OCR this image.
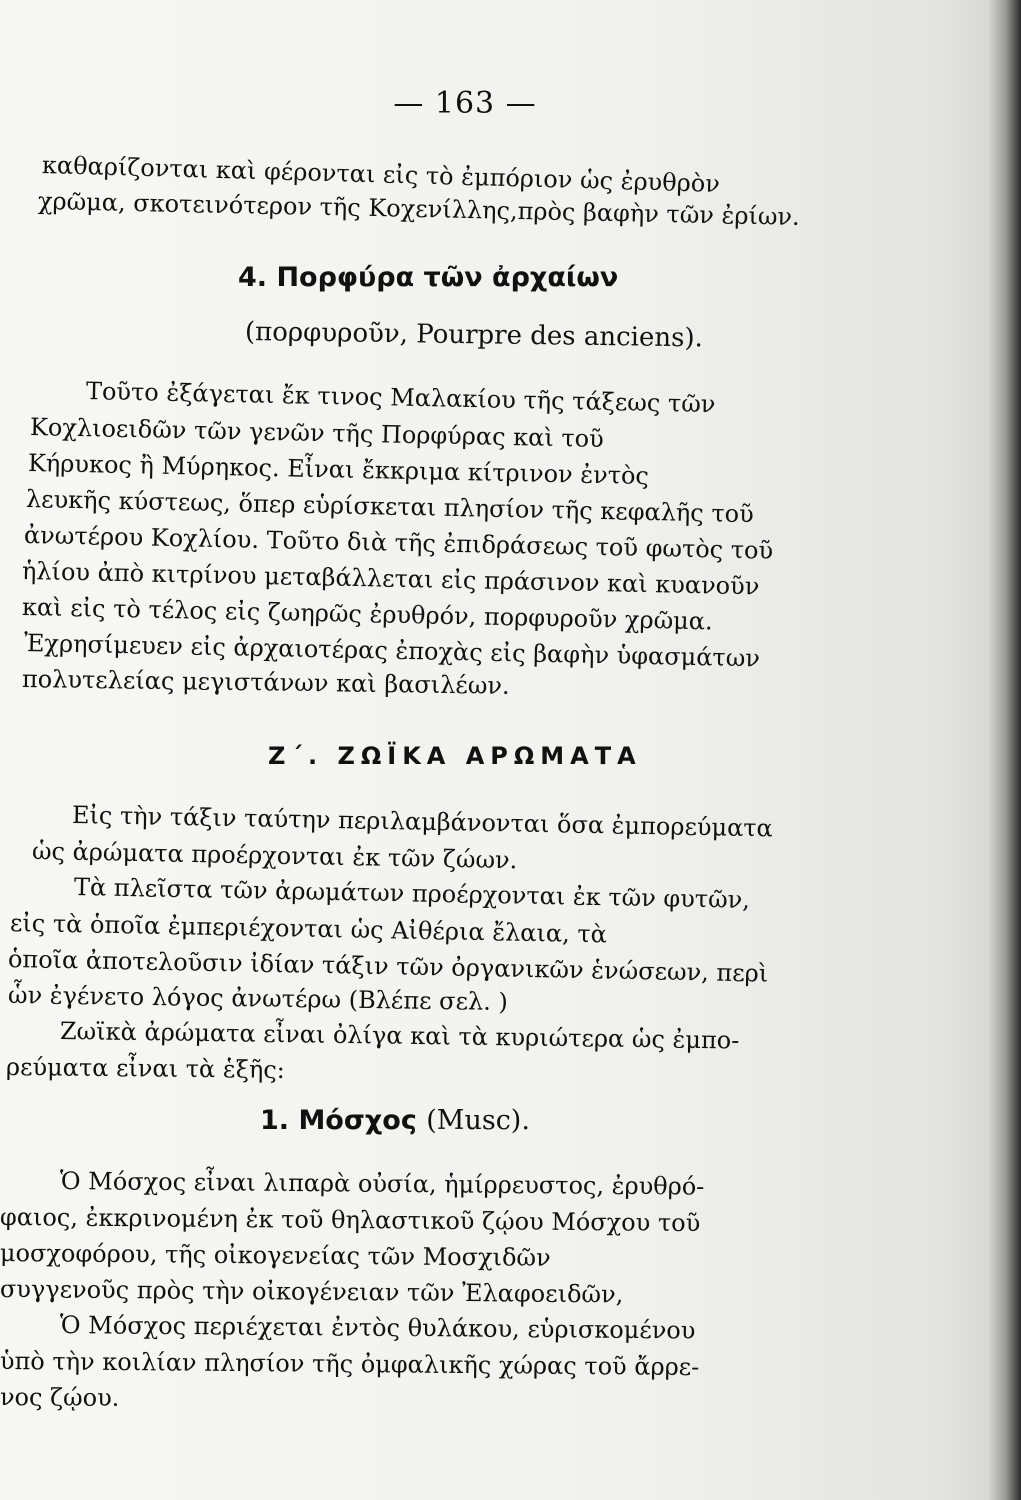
— 163 —
καθαρίζονται καὶ φέρονται εἰς τὸ ἐμπόριον ὡς ἐρυθρὸν
χρῶμα, σκοτεινότερον τῆς Κοχενίλλης,πρὸς βαφὴν τῶν ἐρίων.
4. Πορφύρα τῶν ἀρχαίων
(πορφυροῦν, Pourpre des anciens).
Τοῦτο ἐξάγεται ἔκ τινος Μαλακίου τῆς τάξεως τῶν
Κοχλιοειδῶν τῶν γενῶν τῆς Πορφύρας καὶ τοῦ
Κήρυκος ἢ Μύρηκος. Εἶναι ἔκκριμα κίτρινον ἐντὸς
λευκῆς κύστεως, ὅπερ εὑρίσκεται πλησίον τῆς κεφαλῆς τοῦ
ἀνωτέρου Κοχλίου. Τοῦτο διὰ τῆς ἐπιδράσεως τοῦ φωτὸς τοῦ
ἡλίου ἀπὸ κιτρίνου μεταβάλλεται εἰς πράσινον καὶ κυανοῦν
καὶ εἰς τὸ τέλος εἰς ζωηρῶς ἐρυθρόν, πορφυροῦν χρῶμα.
Ἐχρησίμευεν εἰς ἀρχαιοτέρας ἐποχὰς εἰς βαφὴν ὑφασμάτων
πολυτελείας μεγιστάνων καὶ βασιλέων.
Ζ΄. ΖΩΪΚΑ ΑΡΩΜΑΤΑ
Εἰς τὴν τάξιν ταύτην περιλαμβάνονται ὅσα ἐμπορεύματα
ὡς ἀρώματα προέρχονται ἐκ τῶν ζώων.
Τὰ πλεῖστα τῶν ἀρωμάτων προέρχονται ἐκ τῶν φυτῶν,
εἰς τὰ ὁποῖα ἐμπεριέχονται ὡς Αἰθέρια ἔλαια, τὰ
ὁποῖα ἀποτελοῦσιν ἰδίαν τάξιν τῶν ὀργανικῶν ἑνώσεων, περὶ
ὧν ἐγένετο λόγος ἀνωτέρω (Βλέπε σελ. )
Ζωϊκὰ ἀρώματα εἶναι ὀλίγα καὶ τὰ κυριώτερα ὡς ἐμπο-
ρεύματα εἶναι τὰ ἑξῆς:
1. Μόσχος (Musc).
Ὁ Μόσχος εἶναι λιπαρὰ οὐσία, ἡμίρρευστος, ἐρυθρό-
φαιος, ἐκκρινομένη ἐκ τοῦ θηλαστικοῦ ζῴου Μόσχου τοῦ
μοσχοφόρου, τῆς οἰκογενείας τῶν Μοσχιδῶν
συγγενοῦς πρὸς τὴν οἰκογένειαν τῶν Ἐλαφοειδῶν,
Ὁ Μόσχος περιέχεται ἐντὸς θυλάκου, εὑρισκομένου
ὑπὸ τὴν κοιλίαν πλησίον τῆς ὀμφαλικῆς χώρας τοῦ ἄρρε-
νος ζῴου.
